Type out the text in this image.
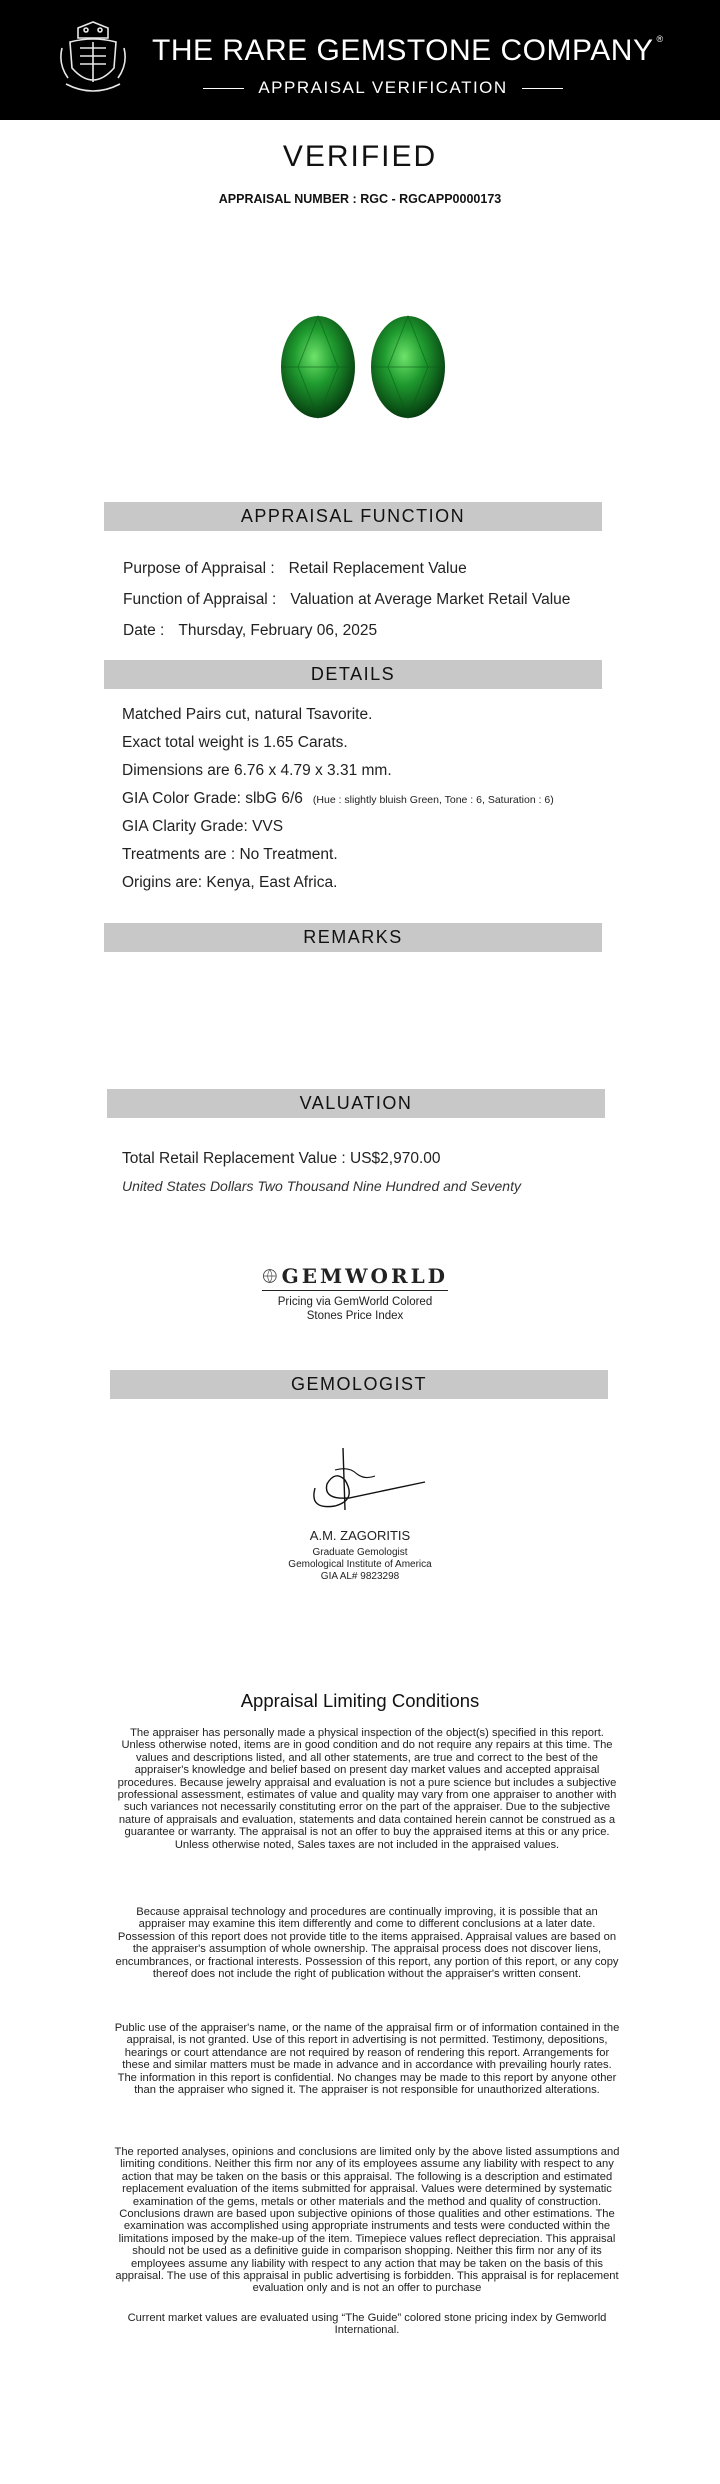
THE RARE GEMSTONE COMPANY ®
APPRAISAL VERIFICATION
VERIFIED
APPRAISAL NUMBER : RGC - RGCAPP0000173
APPRAISAL FUNCTION
Purpose of Appraisal : Retail Replacement Value
Function of Appraisal : Valuation at Average Market Retail Value
Date : Thursday, February 06, 2025
DETAILS
Matched Pairs cut, natural Tsavorite.
Exact total weight is 1.65 Carats.
Dimensions are 6.76 x 4.79 x 3.31 mm.
GIA Color Grade: slbG 6/6 (Hue : slightly bluish Green, Tone : 6, Saturation : 6)
GIA Clarity Grade: VVS
Treatments are : No Treatment.
Origins are: Kenya, East Africa.
REMARKS
VALUATION
Total Retail Replacement Value : US$2,970.00
United States Dollars Two Thousand Nine Hundred and Seventy
GEMWORLD
Pricing via GemWorld Colored
Stones Price Index
GEMOLOGIST
A.M. ZAGORITIS
Graduate Gemologist
Gemological Institute of America
GIA AL# 9823298
Appraisal Limiting Conditions
The appraiser has personally made a physical inspection of the object(s) specified in this report. Unless otherwise noted, items are in good condition and do not require any repairs at this time. The values and descriptions listed, and all other statements, are true and correct to the best of the appraiser's knowledge and belief based on present day market values and accepted appraisal procedures. Because jewelry appraisal and evaluation is not a pure science but includes a subjective professional assessment, estimates of value and quality may vary from one appraiser to another with such variances not necessarily constituting error on the part of the appraiser. Due to the subjective nature of appraisals and evaluation, statements and data contained herein cannot be construed as a guarantee or warranty. The appraisal is not an offer to buy the appraised items at this or any price. Unless otherwise noted, Sales taxes are not included in the appraised values.
Because appraisal technology and procedures are continually improving, it is possible that an appraiser may examine this item differently and come to different conclusions at a later date. Possession of this report does not provide title to the items appraised. Appraisal values are based on the appraiser's assumption of whole ownership. The appraisal process does not discover liens, encumbrances, or fractional interests. Possession of this report, any portion of this report, or any copy thereof does not include the right of publication without the appraiser's written consent.
Public use of the appraiser's name, or the name of the appraisal firm or of information contained in the appraisal, is not granted. Use of this report in advertising is not permitted. Testimony, depositions, hearings or court attendance are not required by reason of rendering this report. Arrangements for these and similar matters must be made in advance and in accordance with prevailing hourly rates. The information in this report is confidential. No changes may be made to this report by anyone other than the appraiser who signed it. The appraiser is not responsible for unauthorized alterations.
The reported analyses, opinions and conclusions are limited only by the above listed assumptions and limiting conditions. Neither this firm nor any of its employees assume any liability with respect to any action that may be taken on the basis or this appraisal. The following is a description and estimated replacement evaluation of the items submitted for appraisal. Values were determined by systematic examination of the gems, metals or other materials and the method and quality of construction. Conclusions drawn are based upon subjective opinions of those qualities and other estimations. The examination was accomplished using appropriate instruments and tests were conducted within the limitations imposed by the make-up of the item. Timepiece values reflect depreciation. This appraisal should not be used as a definitive guide in comparison shopping. Neither this firm nor any of its employees assume any liability with respect to any action that may be taken on the basis of this appraisal. The use of this appraisal in public advertising is forbidden. This appraisal is for replacement evaluation only and is not an offer to purchase
Current market values are evaluated using “The Guide” colored stone pricing index by Gemworld International.
